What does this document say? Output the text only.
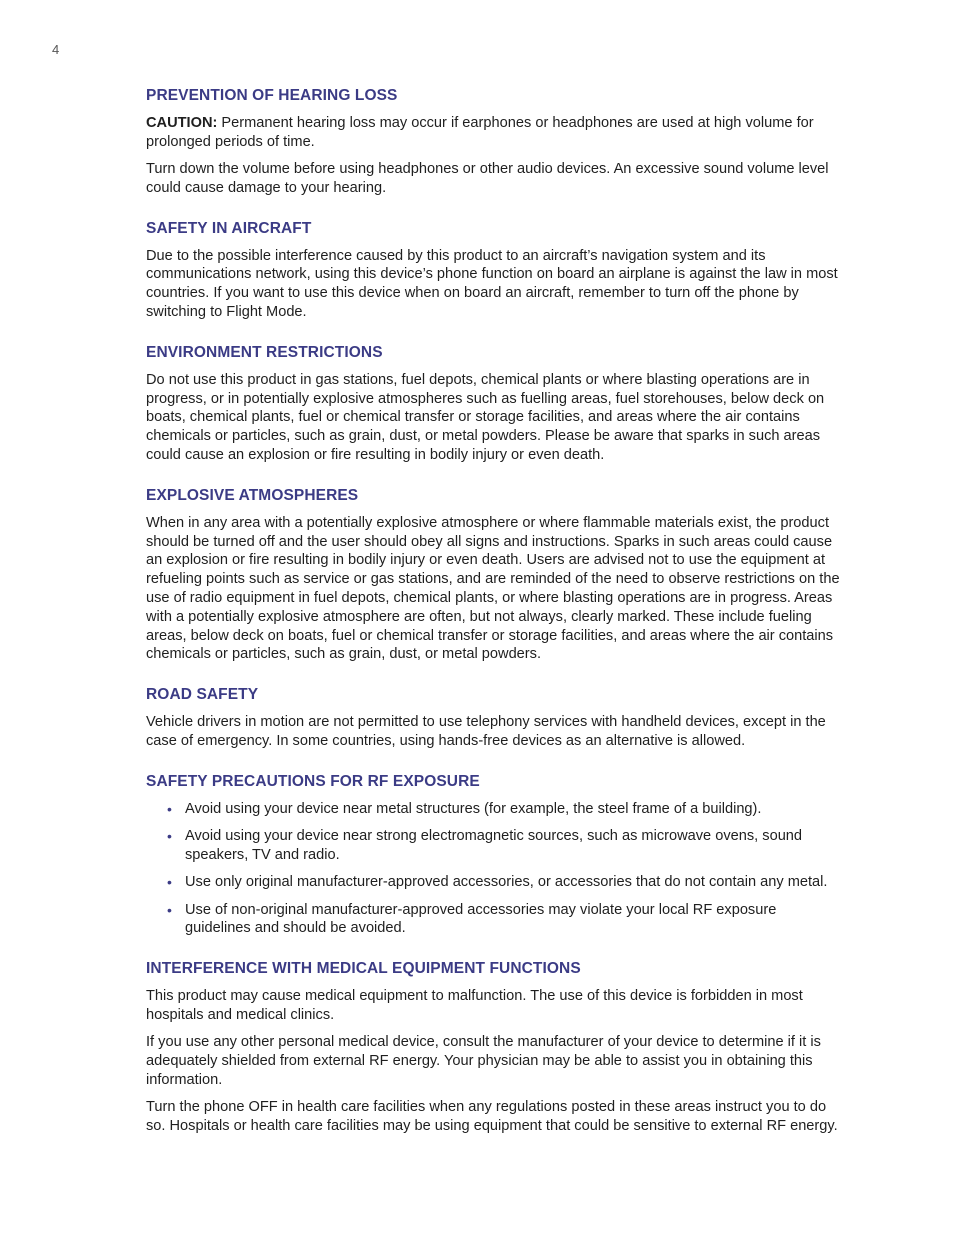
4
PREVENTION OF HEARING LOSS

CAUTION: Permanent hearing loss may occur if earphones or headphones are used at high volume for prolonged periods of time.

Turn down the volume before using headphones or other audio devices. An excessive sound volume level could cause damage to your hearing.

SAFETY IN AIRCRAFT

Due to the possible interference caused by this product to an aircraft’s navigation system and its communications network, using this device’s phone function on board an airplane is against the law in most countries. If you want to use this device when on board an aircraft, remember to turn off the phone by switching to Flight Mode.

ENVIRONMENT RESTRICTIONS

Do not use this product in gas stations, fuel depots, chemical plants or where blasting operations are in progress, or in potentially explosive atmospheres such as fuelling areas, fuel storehouses, below deck on boats, chemical plants, fuel or chemical transfer or storage facilities, and areas where the air contains chemicals or particles, such as grain, dust, or metal powders. Please be aware that sparks in such areas could cause an explosion or fire resulting in bodily injury or even death.

EXPLOSIVE ATMOSPHERES

When in any area with a potentially explosive atmosphere or where flammable materials exist, the product should be turned off and the user should obey all signs and instructions. Sparks in such areas could cause an explosion or fire resulting in bodily injury or even death. Users are advised not to use the equipment at refueling points such as service or gas stations, and are reminded of the need to observe restrictions on the use of radio equipment in fuel depots, chemical plants, or where blasting operations are in progress. Areas with a potentially explosive atmosphere are often, but not always, clearly marked. These include fueling areas, below deck on boats, fuel or chemical transfer or storage facilities, and areas where the air contains chemicals or particles, such as grain, dust, or metal powders.

ROAD SAFETY

Vehicle drivers in motion are not permitted to use telephony services with handheld devices, except in the case of emergency. In some countries, using hands-free devices as an alternative is allowed.

SAFETY PRECAUTIONS FOR RF EXPOSURE
• Avoid using your device near metal structures (for example, the steel frame of a building).
• Avoid using your device near strong electromagnetic sources, such as microwave ovens, sound speakers, TV and radio.
• Use only original manufacturer-approved accessories, or accessories that do not contain any metal.
• Use of non-original manufacturer-approved accessories may violate your local RF exposure guidelines and should be avoided.
INTERFERENCE WITH MEDICAL EQUIPMENT FUNCTIONS

This product may cause medical equipment to malfunction. The use of this device is forbidden in most hospitals and medical clinics.

If you use any other personal medical device, consult the manufacturer of your device to determine if it is adequately shielded from external RF energy. Your physician may be able to assist you in obtaining this information.

Turn the phone OFF in health care facilities when any regulations posted in these areas instruct you to do so. Hospitals or health care facilities may be using equipment that could be sensitive to external RF energy.
